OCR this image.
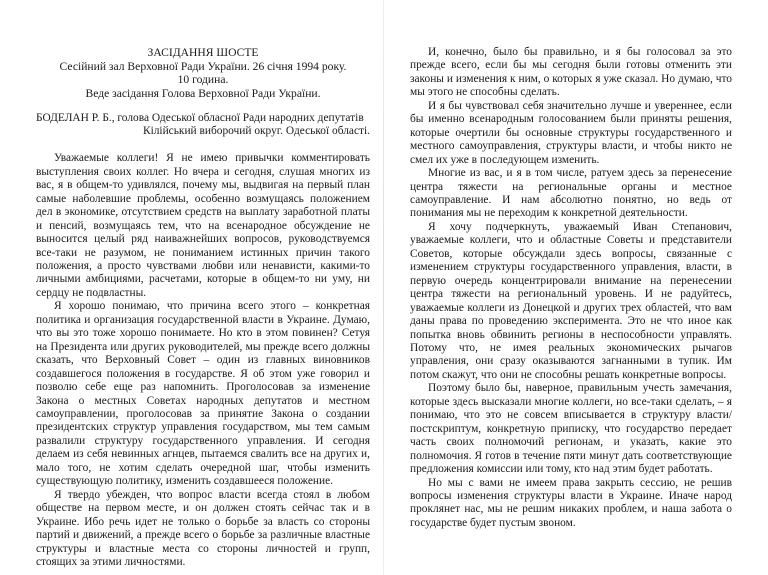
ЗАСІДАННЯ ШОСТЕ
Сесійний зал Верховної Ради України. 26 січня 1994 року.
10 година.
Веде засідання Голова Верховної Ради України.
БОДЕЛАН Р. Б., голова Одеської обласної Ради народних депутатів
Кілійський виборочий округ. Одеської області.

Уважаемые коллеги! Я не имею привычки комментировать выступления своих коллег. Но вчера и сегодня, слушая многих из вас, я в общем-то удивлялся, почему мы, выдвигая на первый план самые наболевшие проблемы, особенно возмущаясь положением дел в экономике, отсутствием средств на выплату заработной платы и пенсий, возмущаясь тем, что на всенародное обсуждение не выносится целый ряд наиважнейших вопросов, руководствуемся все-таки не разумом, не пониманием истинных причин такого положения, а просто чувствами любви или ненависти, какими-то личными амбициями, расчетами, которые в общем-то ни уму, ни сердцу не подвластны.

Я хорошо понимаю, что причина всего этого – конкретная политика и организация государственной власти в Украине. Думаю, что вы это тоже хорошо понимаете. Но кто в этом повинен? Сетуя на Президента или других руководителей, мы прежде всего должны сказать, что Верховный Совет – один из главных виновников создавшегося положения в государстве. Я об этом уже говорил и позволю себе еще раз напомнить. Проголосовав за изменение Закона о местных Советах народных депутатов и местном самоуправлении, проголосовав за принятие Закона о создании президентских структур управления государством, мы тем самым развалили структуру государственного управления. И сегодня делаем из себя невинных агнцев, пытаемся свалить все на других и, мало того, не хотим сделать очередной шаг, чтобы изменить существующую политику, изменить создавшееся положение.

Я твердо убежден, что вопрос власти всегда стоял в любом обществе на первом месте, и он должен стоять сейчас так и в Украине. Ибо речь идет не только о борьбе за власть со стороны партий и движений, а прежде всего о борьбе за различные властные структуры и властные места со стороны личностей и групп, стоящих за этими личностями.

И, конечно, было бы правильно, и я бы голосовал за это прежде всего, если бы мы сегодня были готовы отменить эти законы и изменения к ним, о которых я уже сказал. Но думаю, что мы этого не способны сделать.

И я бы чувствовал себя значительно лучше и увереннее, если бы именно всенародным голосованием были приняты решения, которые очертили бы основные структуры государственного и местного самоуправления, структуры власти, и чтобы никто не смел их уже в последующем изменить.

Многие из вас, и я в том числе, ратуем здесь за перенесение центра тяжести на региональные органы и местное самоуправление. И нам абсолютно понятно, но ведь от понимания мы не переходим к конкретной деятельности.

Я хочу подчеркнуть, уважаемый Иван Степанович, уважаемые коллеги, что и областные Советы и представители Советов, которые обсуждали здесь вопросы, связанные с изменением структуры государственного управления, власти, в первую очередь концентрировали внимание на перенесении центра тяжести на региональный уровень. И не радуйтесь, уважаемые коллеги из Донецкой и других трех областей, что вам даны права по проведению эксперимента. Это не что иное как попытка вновь обвинить регионы в неспособности управлять. Потому что, не имея реальных экономических рычагов управления, они сразу оказываются загнанными в тупик. Им потом скажут, что они не способны решать конкретные вопросы.

Поэтому было бы, наверное, правильным учесть замечания, которые здесь высказали многие коллеги, но все-таки сделать, – я понимаю, что это не совсем вписывается в структуру власти/постскриптум, конкретную приписку, что государство передает часть своих полномочий регионам, и указать, какие это полномочия. Я готов в течение пяти минут дать соответствующие предложения комиссии или тому, кто над этим будет работать.

Но мы с вами не имеем права закрыть сессию, не решив вопросы изменения структуры власти в Украине. Иначе народ проклянет нас, мы не решим никаких проблем, и наша забота о государстве будет пустым звоном.
